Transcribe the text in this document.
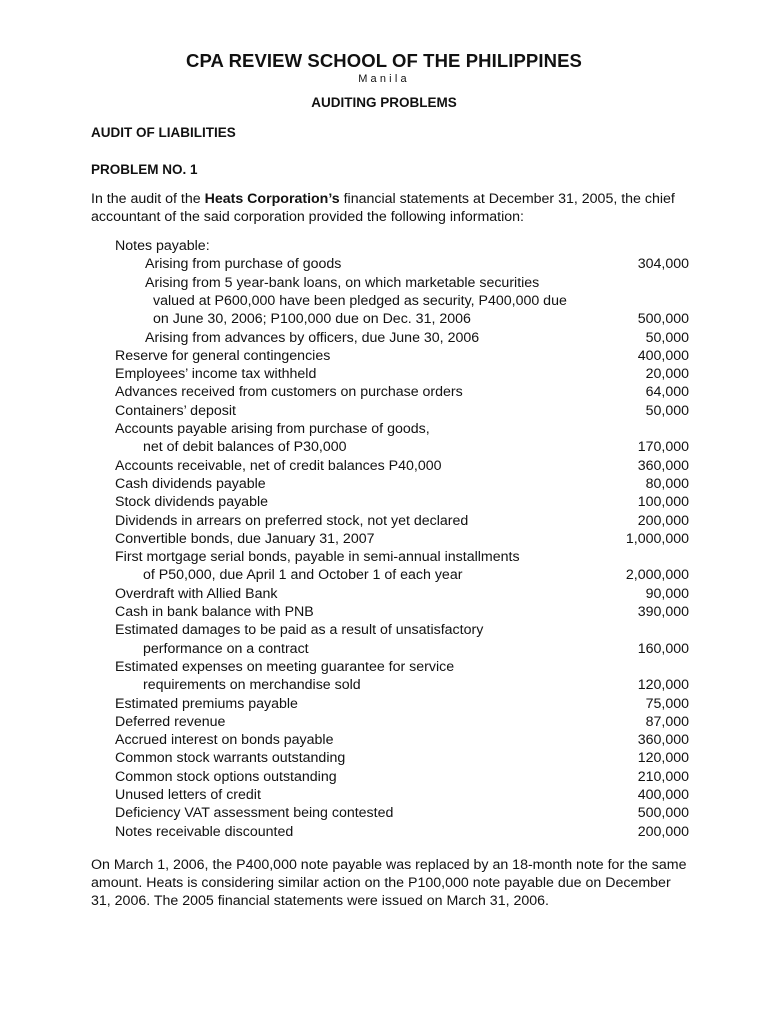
CPA REVIEW SCHOOL OF THE PHILIPPINES
Manila
AUDITING PROBLEMS
AUDIT OF LIABILITIES
PROBLEM NO. 1
In the audit of the Heats Corporation’s financial statements at December 31, 2005, the chief accountant of the said corporation provided the following information:
Notes payable:
Arising from purchase of goods	304,000
Arising from 5 year-bank loans, on which marketable securities
valued at P600,000 have been pledged as security, P400,000 due
on June 30, 2006; P100,000 due on Dec. 31, 2006	500,000
Arising from advances by officers, due June 30, 2006	50,000
Reserve for general contingencies	400,000
Employees’ income tax withheld	20,000
Advances received from customers on purchase orders	64,000
Containers’ deposit	50,000
Accounts payable arising from purchase of goods,
net of debit balances of P30,000	170,000
Accounts receivable, net of credit balances P40,000	360,000
Cash dividends payable	80,000
Stock dividends payable	100,000
Dividends in arrears on preferred stock, not yet declared	200,000
Convertible bonds, due January 31, 2007	1,000,000
First mortgage serial bonds, payable in semi-annual installments
of P50,000, due April 1 and October 1 of each year	2,000,000
Overdraft with Allied Bank	90,000
Cash in bank balance with PNB	390,000
Estimated damages to be paid as a result of unsatisfactory
performance on a contract	160,000
Estimated expenses on meeting guarantee for service
requirements on merchandise sold	120,000
Estimated premiums payable	75,000
Deferred revenue	87,000
Accrued interest on bonds payable	360,000
Common stock warrants outstanding	120,000
Common stock options outstanding	210,000
Unused letters of credit	400,000
Deficiency VAT assessment being contested	500,000
Notes receivable discounted	200,000
On March 1, 2006, the P400,000 note payable was replaced by an 18-month note for the same amount. Heats is considering similar action on the P100,000 note payable due on December 31, 2006. The 2005 financial statements were issued on March 31, 2006.
